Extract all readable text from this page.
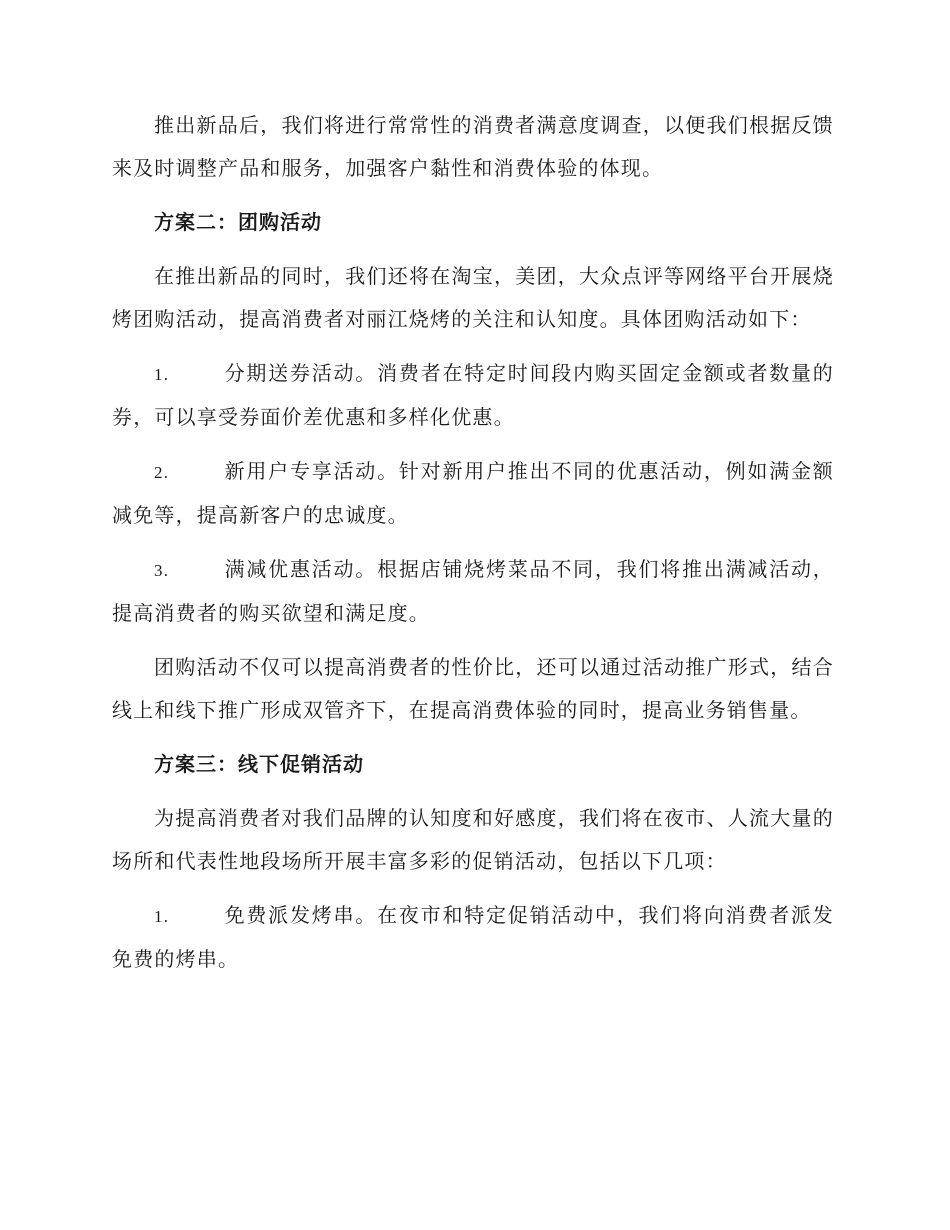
推出新品后，我们将进行常常性的消费者满意度调查，以便我们根据反馈来及时调整产品和服务，加强客户黏性和消费体验的体现。

方案二：团购活动

在推出新品的同时，我们还将在淘宝，美团，大众点评等网络平台开展烧烤团购活动，提高消费者对丽江烧烤的关注和认知度。具体团购活动如下：

1.	分期送券活动。消费者在特定时间段内购买固定金额或者数量的券，可以享受券面价差优惠和多样化优惠。

2.	新用户专享活动。针对新用户推出不同的优惠活动，例如满金额减免等，提高新客户的忠诚度。

3.	满减优惠活动。根据店铺烧烤菜品不同，我们将推出满减活动，提高消费者的购买欲望和满足度。

团购活动不仅可以提高消费者的性价比，还可以通过活动推广形式，结合线上和线下推广形成双管齐下，在提高消费体验的同时，提高业务销售量。

方案三：线下促销活动

为提高消费者对我们品牌的认知度和好感度，我们将在夜市、人流大量的场所和代表性地段场所开展丰富多彩的促销活动，包括以下几项：

1.	免费派发烤串。在夜市和特定促销活动中，我们将向消费者派发免费的烤串。
